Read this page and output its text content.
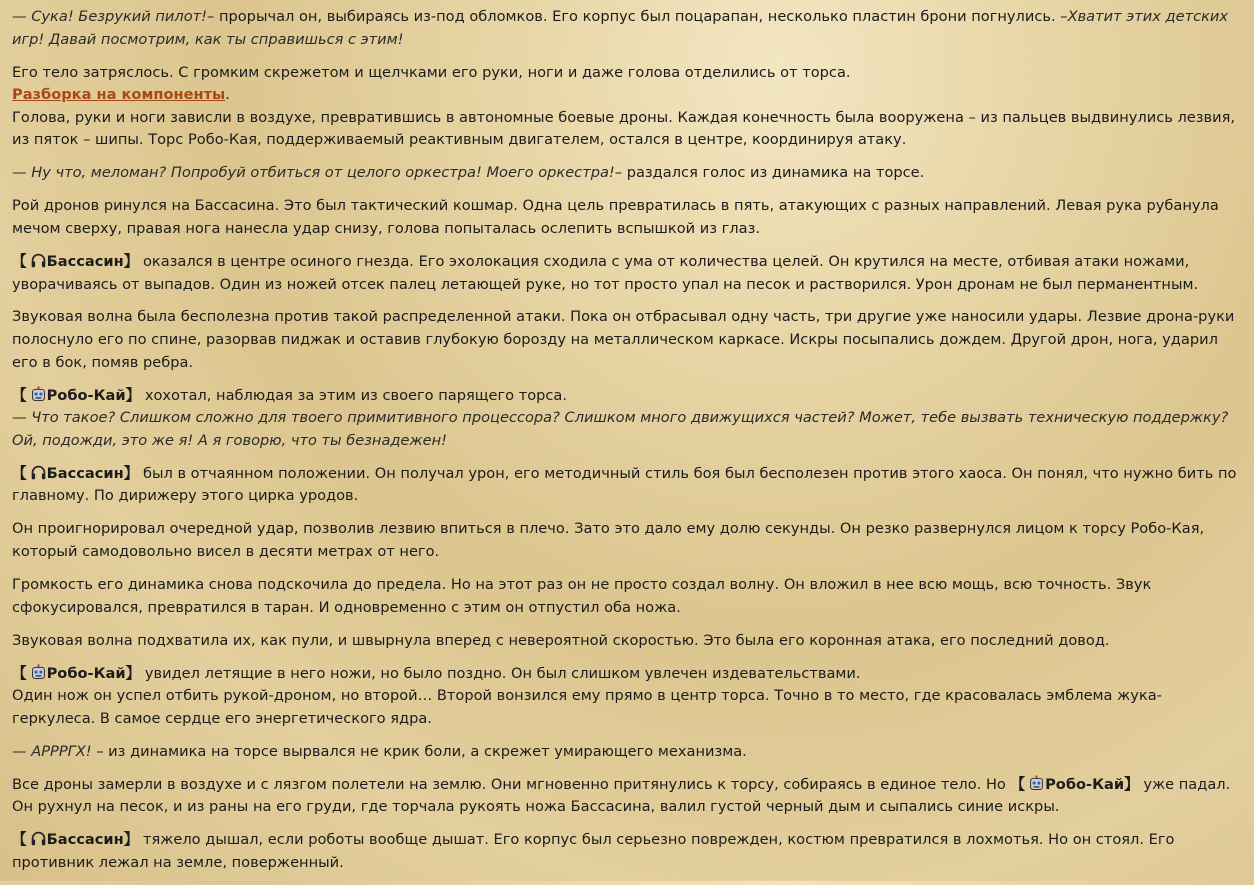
— Сука! Безрукий пилот!– прорычал он, выбираясь из-под обломков. Его корпус был поцарапан, несколько пластин брони погнулись. –Хватит этих детских игр! Давай посмотрим, как ты справишься с этим!
Его тело затряслось. С громким скрежетом и щелчками его руки, ноги и даже голова отделились от торса.
Разборка на компоненты.
Голова, руки и ноги зависли в воздухе, превратившись в автономные боевые дроны. Каждая конечность была вооружена – из пальцев выдвинулись лезвия, из пяток – шипы. Торс Робо-Кая, поддерживаемый реактивным двигателем, остался в центре, координируя атаку.
— Ну что, меломан? Попробуй отбиться от целого оркестра! Моего оркестра!– раздался голос из динамика на торсе.
Рой дронов ринулся на Бассасина. Это был тактический кошмар. Одна цель превратилась в пять, атакующих с разных направлений. Левая рука рубанула мечом сверху, правая нога нанесла удар снизу, голова попыталась ослепить вспышкой из глаз.
【 Бассасин】 оказался в центре осиного гнезда. Его эхолокация сходила с ума от количества целей. Он крутился на месте, отбивая атаки ножами, уворачиваясь от выпадов. Один из ножей отсек палец летающей руке, но тот просто упал на песок и растворился. Урон дронам не был перманентным.
Звуковая волна была бесполезна против такой распределенной атаки. Пока он отбрасывал одну часть, три другие уже наносили удары. Лезвие дрона-руки полоснуло его по спине, разорвав пиджак и оставив глубокую борозду на металлическом каркасе. Искры посыпались дождем. Другой дрон, нога, ударил его в бок, помяв ребра.
【 Робо-Кай】 хохотал, наблюдая за этим из своего парящего торса.
— Что такое? Слишком сложно для твоего примитивного процессора? Слишком много движущихся частей? Может, тебе вызвать техническую поддержку? Ой, подожди, это же я! А я говорю, что ты безнадежен!
【 Бассасин】 был в отчаянном положении. Он получал урон, его методичный стиль боя был бесполезен против этого хаоса. Он понял, что нужно бить по главному. По дирижеру этого цирка уродов.
Он проигнорировал очередной удар, позволив лезвию впиться в плечо. Зато это дало ему долю секунды. Он резко развернулся лицом к торсу Робо-Кая, который самодовольно висел в десяти метрах от него.
Громкость его динамика снова подскочила до предела. Но на этот раз он не просто создал волну. Он вложил в нее всю мощь, всю точность. Звук сфокусировался, превратился в таран. И одновременно с этим он отпустил оба ножа.
Звуковая волна подхватила их, как пули, и швырнула вперед с невероятной скоростью. Это была его коронная атака, его последний довод.
【 Робо-Кай】 увидел летящие в него ножи, но было поздно. Он был слишком увлечен издевательствами.
Один нож он успел отбить рукой-дроном, но второй… Второй вонзился ему прямо в центр торса. Точно в то место, где красовалась эмблема жука-геркулеса. В самое сердце его энергетического ядра.
— АРРРГХ! – из динамика на торсе вырвался не крик боли, а скрежет умирающего механизма.
Все дроны замерли в воздухе и с лязгом полетели на землю. Они мгновенно притянулись к торсу, собираясь в единое тело. Но 【 Робо-Кай】 уже падал. Он рухнул на песок, и из раны на его груди, где торчала рукоять ножа Бассасина, валил густой черный дым и сыпались синие искры.
【 Бассасин】 тяжело дышал, если роботы вообще дышат. Его корпус был серьезно поврежден, костюм превратился в лохмотья. Но он стоял. Его противник лежал на земле, поверженный.
